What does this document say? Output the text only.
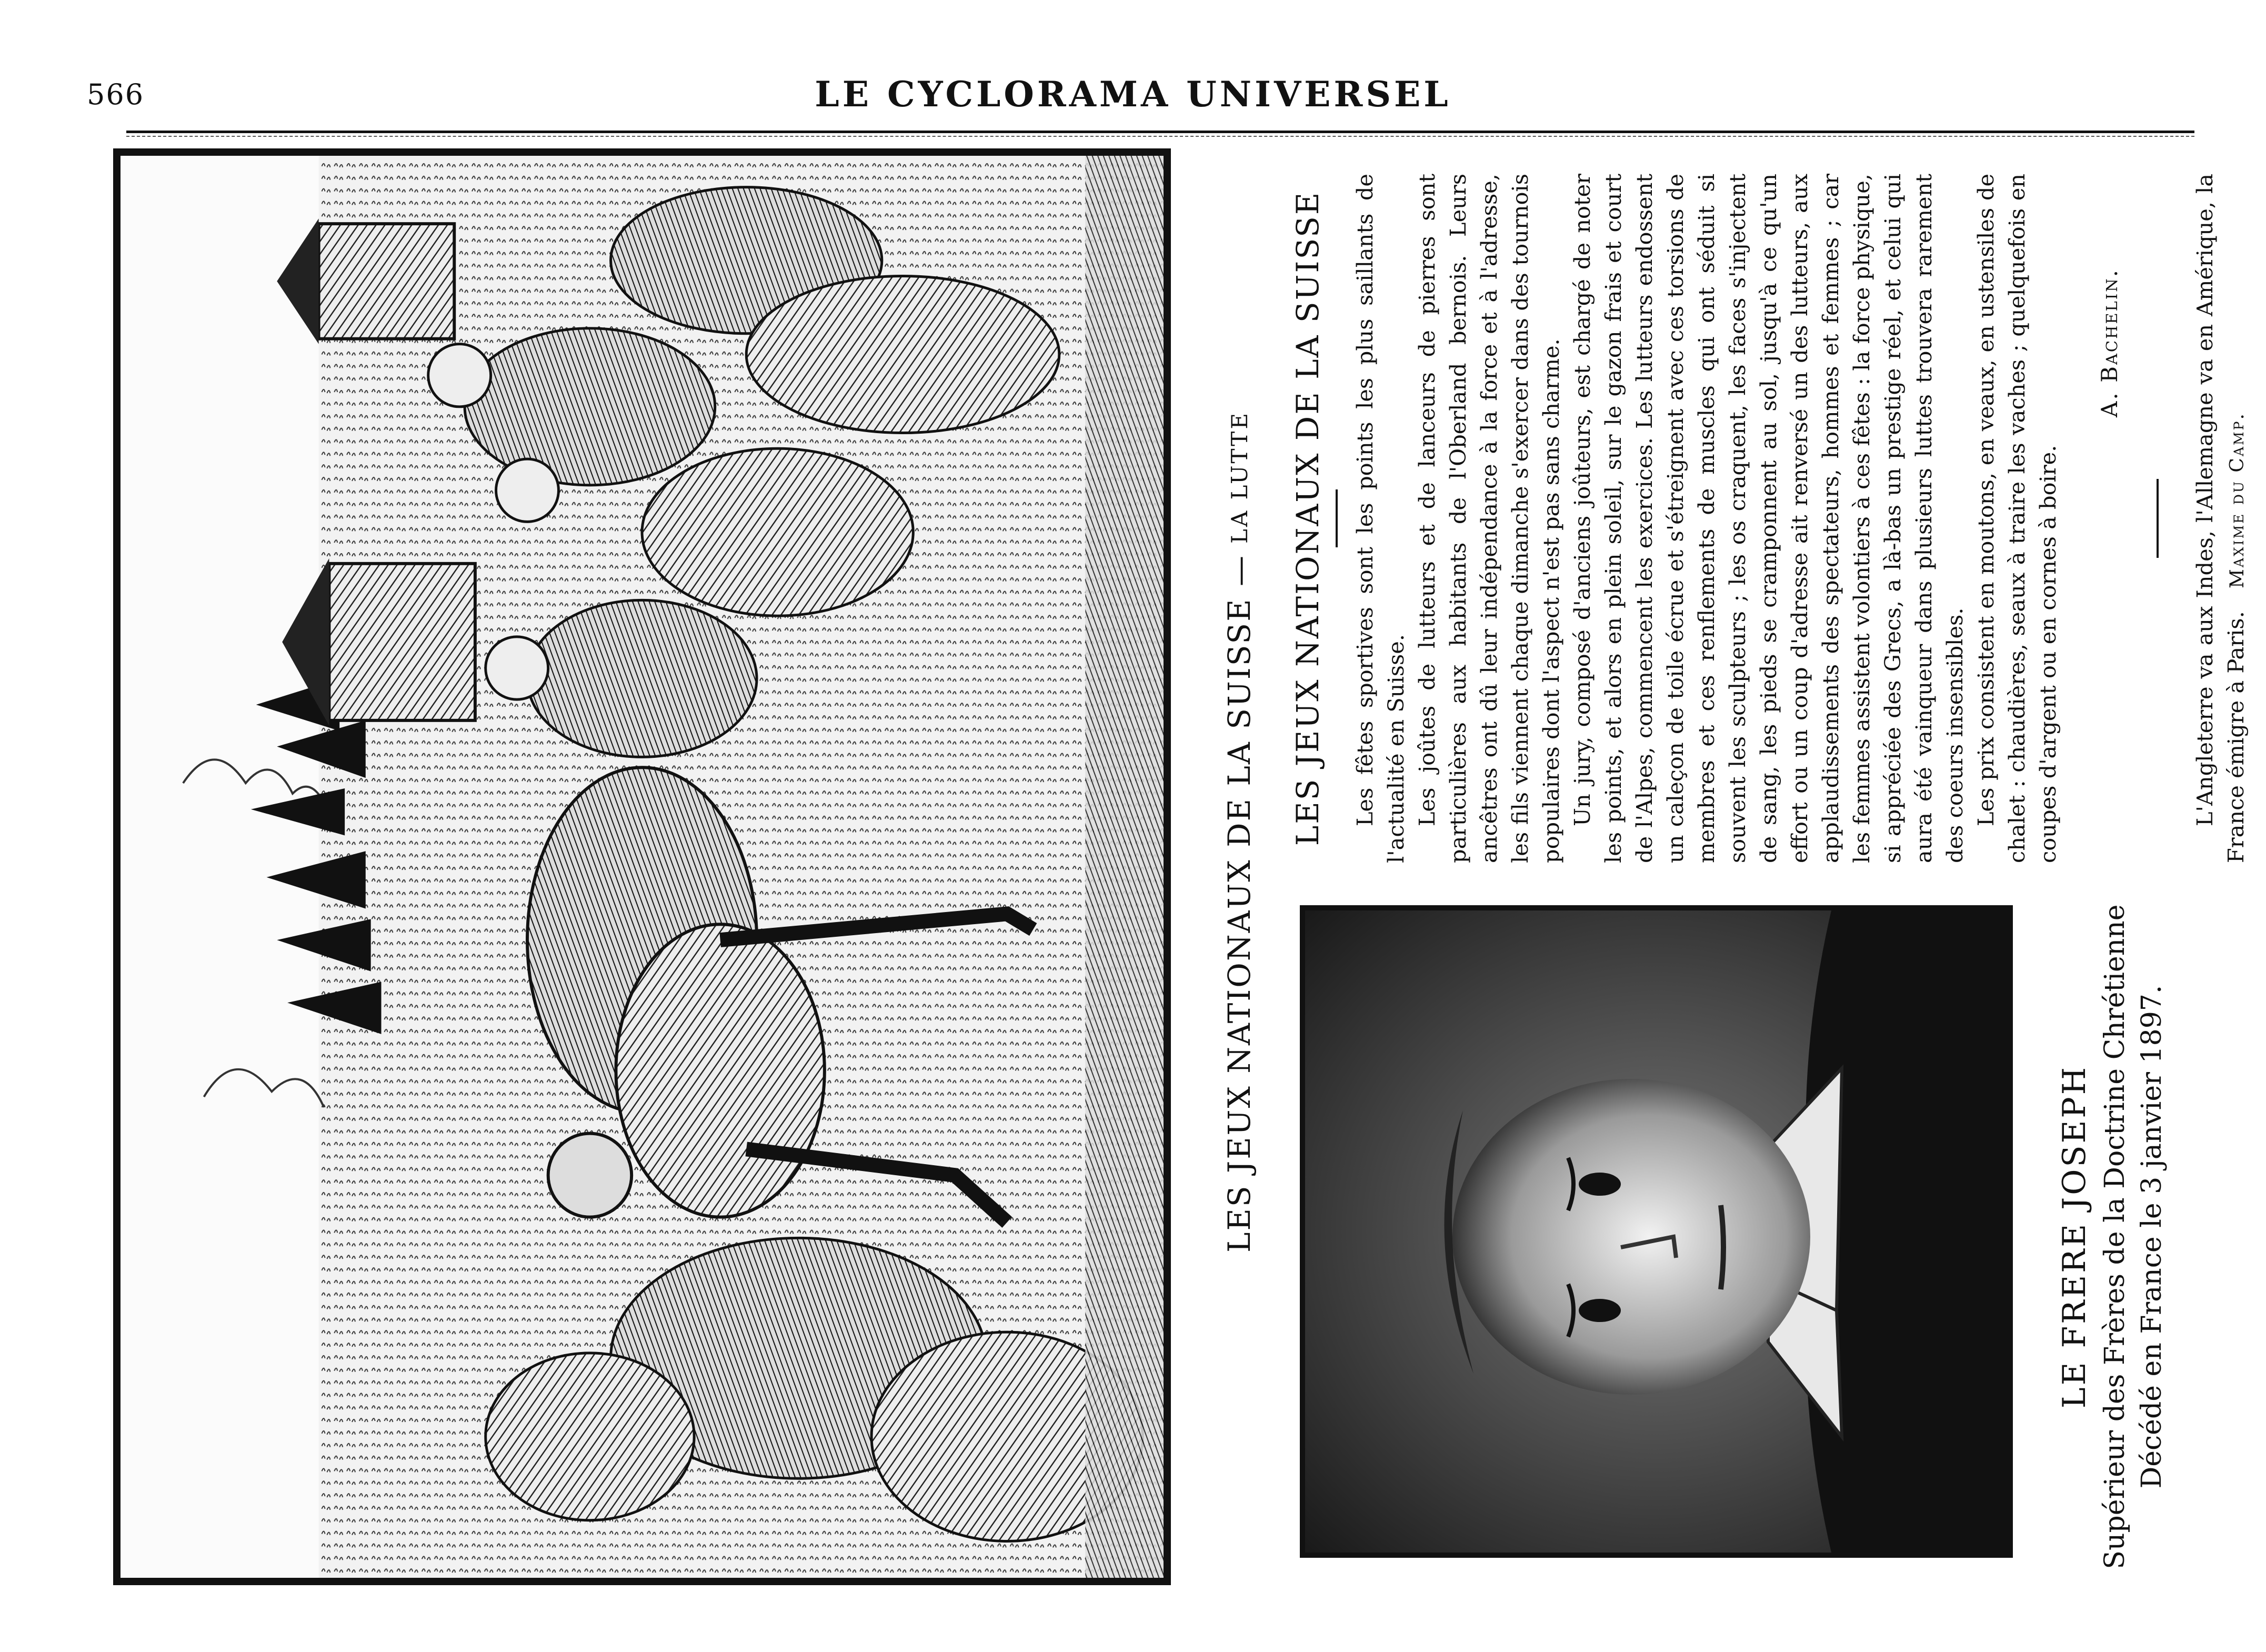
566	LE CYCLORAMA UNIVERSEL
LES JEUX NATIONAUX DE LA SUISSE —
LA LUTTE LES JEUX NATIONAUX DE LA SUISSE Les fêtes sportives sont les points les plus saillants de l'actualité en Suisse. Les joûtes de lutteurs et de lanceurs de pierres sont particulières aux habitants de l'Oberland bernois. Leurs ancêtres ont dû leur indépendance à la force et à l'adresse, les fils viennent chaque dimanche s'exercer dans des tournois populaires dont l'aspect n'est pas sans charme. Un jury, composé d'anciens joûteurs, est chargé de noter les points, et alors en plein soleil, sur le gazon frais et court de l'Alpes, commencent les exercices. Les lutteurs endossent un caleçon de toile écrue et s'étreignent avec ces torsions de membres et ces renflements de muscles qui ont séduit si souvent les sculpteurs ; les os craquent, les faces s'injectent de sang, les pieds se cramponnent au sol, jusqu'à ce qu'un effort ou un coup d'adresse ait renversé un des lutteurs, aux applaudissements des spectateurs, hommes et femmes ; car les femmes assistent volontiers à ces fêtes : la force physique, si appréciée des Grecs, a là-bas un prestige réel, et celui qui aura été vainqueur dans plusieurs luttes trouvera rarement des coeurs insensibles. Les prix consistent en moutons, en veaux, en ustensiles de chalet : chaudières, seaux à traire les vaches ; quelquefois en coupes d'argent ou en cornes à boire.

A. Bachelin.	L'Angleterre va aux Indes, l'Allemagne va en Amérique, la France émigre à Paris. Maxime du Camp.

LE FRERE JOSEPH Supérieur des Frères de la Doctrine Chrétienne Décédé en France le 3 janvier 1897.
